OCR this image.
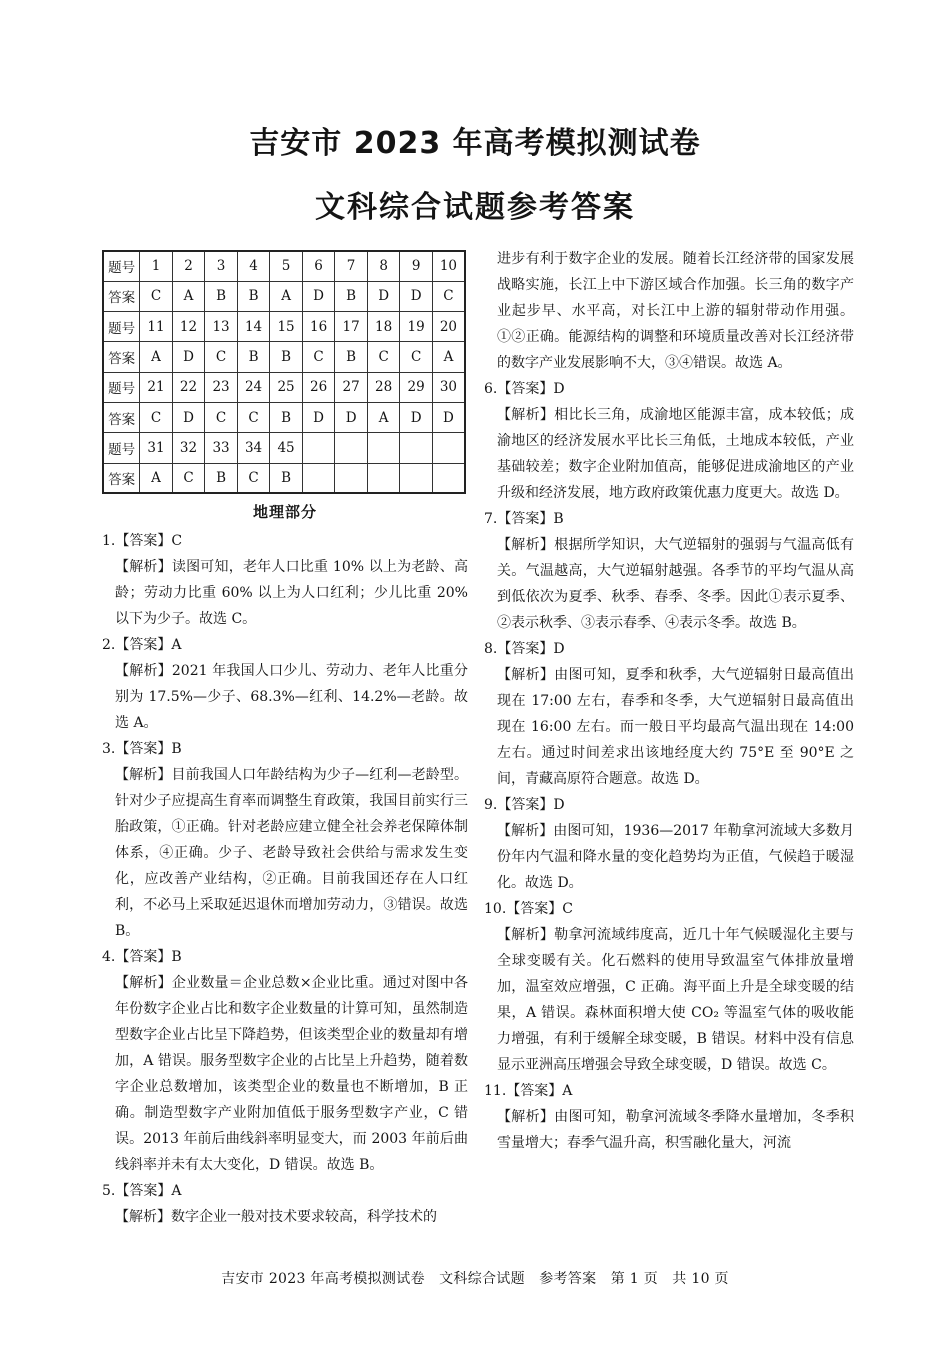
吉安市 2023 年高考模拟测试卷
文科综合试题参考答案
题号	1	2	3	4	5	6	7	8	9	10
答案	C	A	B	B	A	D	B	D	D	C
题号	11	12	13	14	15	16	17	18	19	20
答案	A	D	C	B	B	C	B	C	C	A
题号	21	22	23	24	25	26	27	28	29	30
答案	C	D	C	C	B	D	D	A	D	D
题号	31	32	33	34	45					
答案	A	C	B	C	B					
地理部分
1.【答案】C
【解析】读图可知，老年人口比重 10% 以上为老龄、高龄；劳动力比重 60% 以上为人口红利；少儿比重 20% 以下为少子。故选 C。
2.【答案】A
【解析】2021 年我国人口少儿、劳动力、老年人比重分别为 17.5%—少子、68.3%—红利、14.2%—老龄。故选 A。
3.【答案】B
【解析】目前我国人口年龄结构为少子—红利—老龄型。针对少子应提高生育率而调整生育政策，我国目前实行三胎政策，①正确。针对老龄应建立健全社会养老保障体制体系，④正确。少子、老龄导致社会供给与需求发生变化，应改善产业结构，②正确。目前我国还存在人口红利，不必马上采取延迟退休而增加劳动力，③错误。故选 B。
4.【答案】B
【解析】企业数量＝企业总数×企业比重。通过对图中各年份数字企业占比和数字企业数量的计算可知，虽然制造型数字企业占比呈下降趋势，但该类型企业的数量却有增加，A 错误。服务型数字企业的占比呈上升趋势，随着数字企业总数增加，该类型企业的数量也不断增加，B 正确。制造型数字产业附加值低于服务型数字产业，C 错误。2013 年前后曲线斜率明显变大，而 2003 年前后曲线斜率并未有太大变化，D 错误。故选 B。
5.【答案】A
【解析】数字企业一般对技术要求较高，科学技术的
进步有利于数字企业的发展。随着长江经济带的国家发展战略实施，长江上中下游区域合作加强。长三角的数字产业起步早、水平高，对长江中上游的辐射带动作用强。①②正确。能源结构的调整和环境质量改善对长江经济带的数字产业发展影响不大，③④错误。故选 A。
6.【答案】D
【解析】相比长三角，成渝地区能源丰富，成本较低；成渝地区的经济发展水平比长三角低，土地成本较低，产业基础较差；数字企业附加值高，能够促进成渝地区的产业升级和经济发展，地方政府政策优惠力度更大。故选 D。
7.【答案】B
【解析】根据所学知识，大气逆辐射的强弱与气温高低有关。气温越高，大气逆辐射越强。各季节的平均气温从高到低依次为夏季、秋季、春季、冬季。因此①表示夏季、②表示秋季、③表示春季、④表示冬季。故选 B。
8.【答案】D
【解析】由图可知，夏季和秋季，大气逆辐射日最高值出现在 17:00 左右，春季和冬季，大气逆辐射日最高值出现在 16:00 左右。而一般日平均最高气温出现在 14:00 左右。通过时间差求出该地经度大约 75°E 至 90°E 之间，青藏高原符合题意。故选 D。
9.【答案】D
【解析】由图可知，1936—2017 年勒拿河流域大多数月份年内气温和降水量的变化趋势均为正值，气候趋于暖湿化。故选 D。
10.【答案】C
【解析】勒拿河流域纬度高，近几十年气候暖湿化主要与全球变暖有关。化石燃料的使用导致温室气体排放量增加，温室效应增强，C 正确。海平面上升是全球变暖的结果，A 错误。森林面积增大使 CO₂ 等温室气体的吸收能力增强，有利于缓解全球变暖，B 错误。材料中没有信息显示亚洲高压增强会导致全球变暖，D 错误。故选 C。
11.【答案】A
【解析】由图可知，勒拿河流域冬季降水量增加，冬季积雪量增大；春季气温升高，积雪融化量大，河流
吉安市 2023 年高考模拟测试卷　文科综合试题　参考答案　第 1 页　共 10 页
